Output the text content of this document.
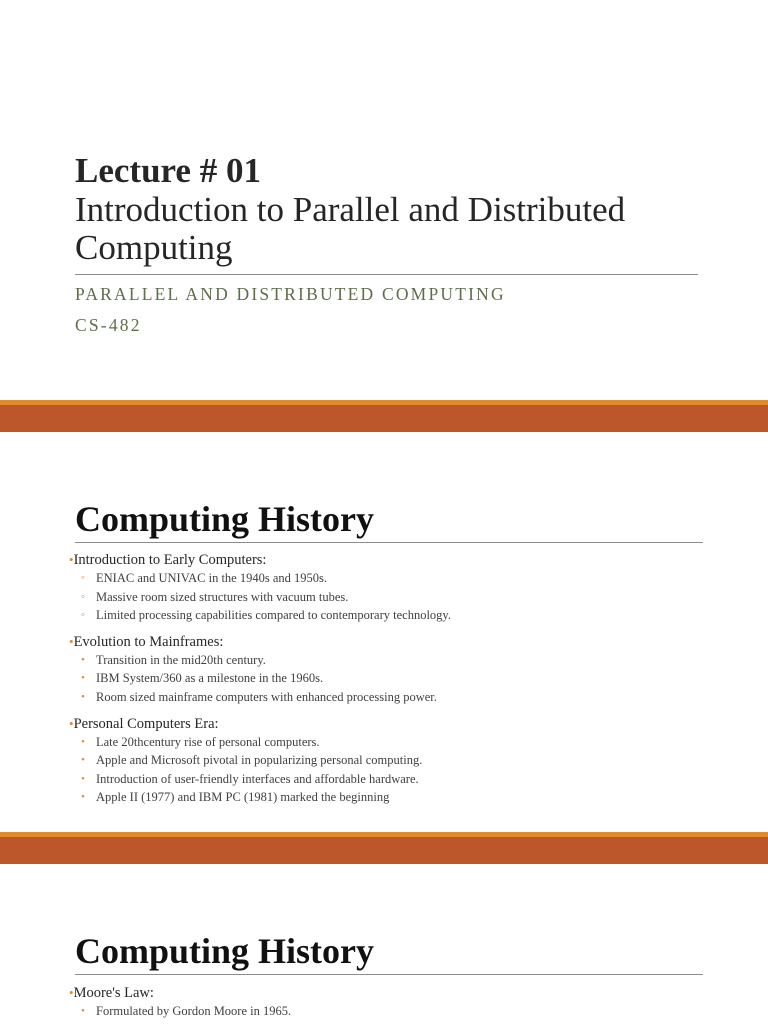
Lecture # 01
Introduction to Parallel and Distributed
Computing
PARALLEL AND DISTRIBUTED COMPUTING
CS-482
Computing History
•Introduction to Early Computers:
◦ ENIAC and UNIVAC in the 1940s and 1950s.
◦ Massive room sized structures with vacuum tubes.
◦ Limited processing capabilities compared to contemporary technology.
•Evolution to Mainframes:
• Transition in the mid20th century.
• IBM System/360 as a milestone in the 1960s.
• Room sized mainframe computers with enhanced processing power.
•Personal Computers Era:
• Late 20thcentury rise of personal computers.
• Apple and Microsoft pivotal in popularizing personal computing.
• Introduction of user-friendly interfaces and affordable hardware.
• Apple II (1977) and IBM PC (1981) marked the beginning
Computing History
•Moore's Law:
• Formulated by Gordon Moore in 1965.
